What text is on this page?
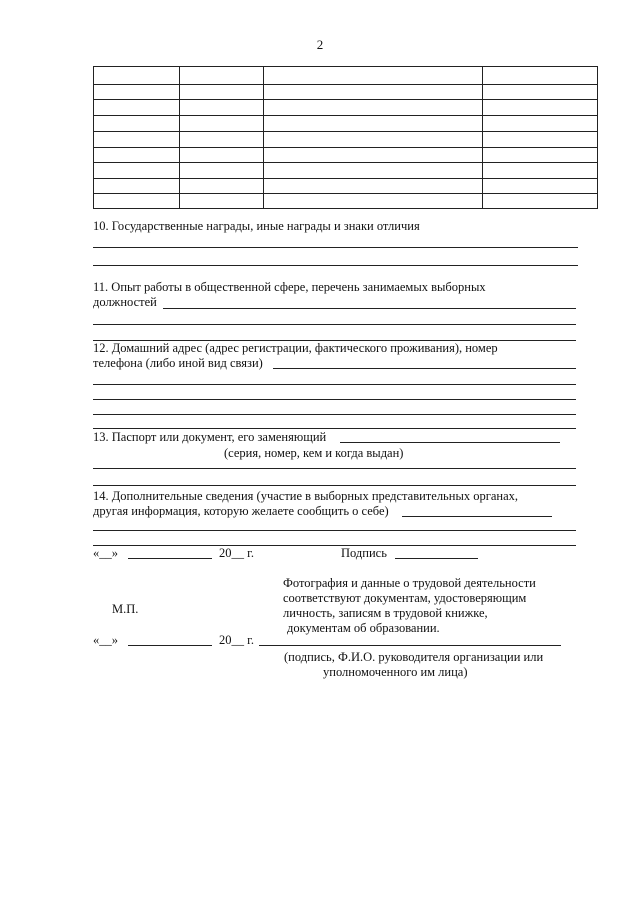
2
10. Государственные награды, иные награды и знаки отличия
11. Опыт работы в общественной сфере, перечень занимаемых выборных
должностей
12. Домашний адрес (адрес регистрации, фактического проживания), номер
телефона (либо иной вид связи)
13. Паспорт или документ, его заменяющий
(серия, номер, кем и когда выдан)
14. Дополнительные сведения (участие в выборных представительных органах,
другая информация, которую желаете сообщить о себе)
«__»	20__ г.	Подпись
Фотография и данные о трудовой деятельности
соответствуют документам, удостоверяющим
личность, записям в трудовой книжке,
документам об образовании.
М.П.
«__»	20__ г.
(подпись, Ф.И.О. руководителя организации или
уполномоченного им лица)
